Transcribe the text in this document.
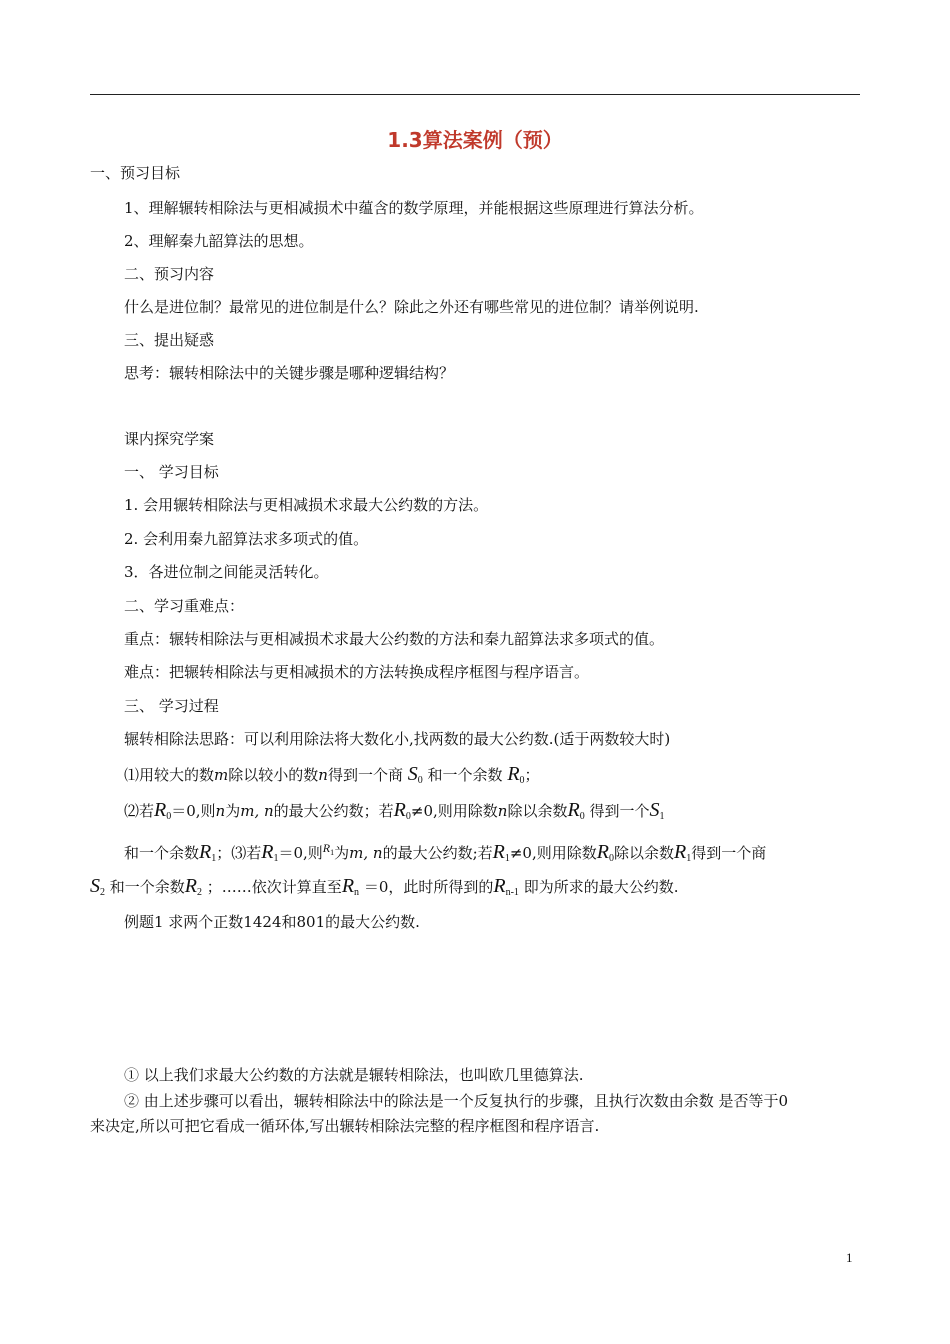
1.3算法案例（预）
一、预习目标
1、理解辗转相除法与更相减损术中蕴含的数学原理，并能根据这些原理进行算法分析。
2、理解秦九韶算法的思想。
二、预习内容
什么是进位制？最常见的进位制是什么？除此之外还有哪些常见的进位制？请举例说明.
三、提出疑惑
思考：辗转相除法中的关键步骤是哪种逻辑结构？
课内探究学案
一、 学习目标
1. 会用辗转相除法与更相减损术求最大公约数的方法。
2. 会利用秦九韶算法求多项式的值。
3．各进位制之间能灵活转化。
二、学习重难点：
重点：辗转相除法与更相减损术求最大公约数的方法和秦九韶算法求多项式的值。
难点：把辗转相除法与更相减损术的方法转换成程序框图与程序语言。
三、 学习过程
辗转相除法思路：可以利用除法将大数化小,找两数的最大公约数.(适于两数较大时)
⑴用较大的数m除以较小的数n得到一个商 $S_0$ 和一个余数 $R_0$；
⑵若$R_0=0$,则n为m, n的最大公约数；若$R_0\ne 0$,则用除数n除以余数$R_0$ 得到一个$S_1$
和一个余数$R_1$；⑶若$R_1=0$,则$^{R_1}$为m, n的最大公约数;若$R_1\ne 0$,则用除数$R_0$除以余数$R_1$得到一个商
$S_2$ 和一个余数$R_2$ ；……依次计算直至$R_n =0$，此时所得到的$R_{n-1}$ 即为所求的最大公约数.
例题1 求两个正数1424和801的最大公约数.
① 以上我们求最大公约数的方法就是辗转相除法，也叫欧几里德算法.
② 由上述步骤可以看出，辗转相除法中的除法是一个反复执行的步骤，且执行次数由余数 是否等于0
来决定,所以可把它看成一循环体,写出辗转相除法完整的程序框图和程序语言.
1
